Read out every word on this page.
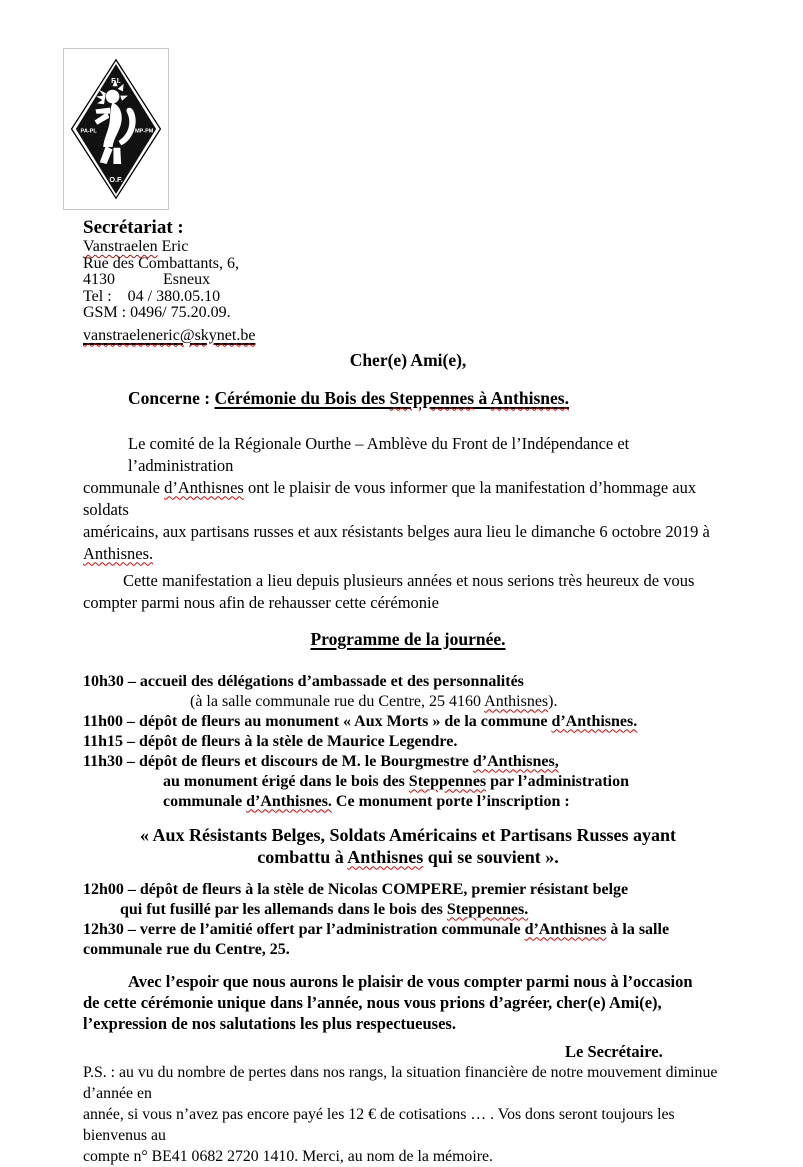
F.I.
PA-PL	MP-PM
O.F.
Secrétariat :
Vanstraelen Eric
Rue des Combattants, 6,
4130	Esneux
Tel :    04 / 380.05.10
GSM : 0496/ 75.20.09.
vanstraeleneric@skynet.be
Cher(e) Ami(e),
Concerne : Cérémonie du Bois des Steppennes à Anthisnes.
Le comité de la Régionale Ourthe – Amblève du Front de l’Indépendance et l’administration
communale d’Anthisnes ont le plaisir de vous informer que la manifestation d’hommage aux soldats
américains, aux partisans russes et aux résistants belges aura lieu le dimanche 6 octobre 2019 à
Anthisnes.
Cette manifestation a lieu depuis plusieurs années et nous serions très heureux de vous
compter parmi nous afin de rehausser cette cérémonie
Programme de la journée.
10h30 – accueil des délégations d’ambassade et des personnalités
(à la salle communale rue du Centre, 25 4160 Anthisnes).
11h00 – dépôt de fleurs au monument « Aux Morts » de la commune d’Anthisnes.
11h15 – dépôt de fleurs à la stèle de Maurice Legendre.
11h30 – dépôt de fleurs et discours de M. le Bourgmestre d’Anthisnes,
au monument érigé dans le bois des Steppennes par l’administration
communale d’Anthisnes. Ce monument porte l’inscription :
« Aux Résistants Belges, Soldats Américains et Partisans Russes ayant
combattu à Anthisnes qui se souvient ».
12h00 – dépôt de fleurs à la stèle de Nicolas COMPERE, premier résistant belge
qui fut fusillé par les allemands dans le bois des Steppennes.
12h30 – verre de l’amitié offert par l’administration communale d’Anthisnes à la salle
communale rue du Centre, 25.
Avec l’espoir que nous aurons le plaisir de vous compter parmi nous à l’occasion
de cette cérémonie unique dans l’année, nous vous prions d’agréer, cher(e) Ami(e),
l’expression de nos salutations les plus respectueuses.
Le Secrétaire.
P.S. : au vu du nombre de pertes dans nos rangs, la situation financière de notre mouvement diminue d’année en
année, si vous n’avez pas encore payé les 12 € de cotisations … . Vos dons seront toujours les bienvenus au
compte n° BE41 0682 2720 1410. Merci, au nom de la mémoire.
